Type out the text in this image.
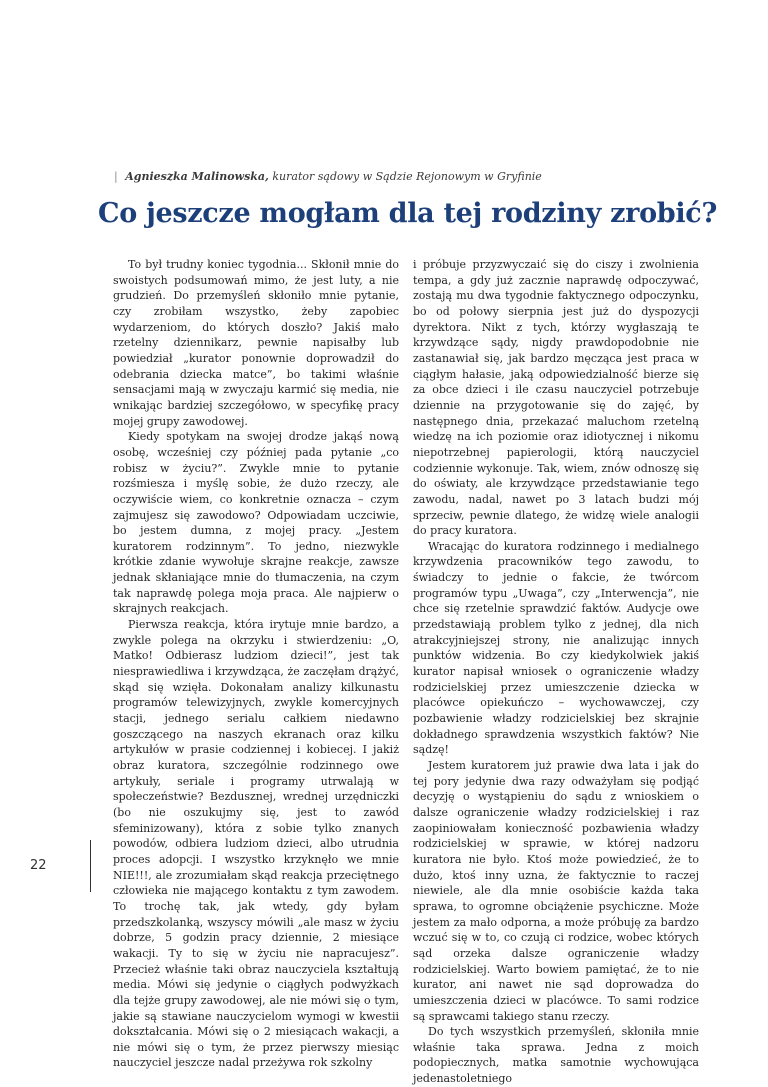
| Agnieszka Malinowska, kurator sądowy w Sądzie Rejonowym w Gryfinie
Co jeszcze mogłam dla tej rodziny zrobić?

To był trudny koniec tygodnia... Skłonił mnie do swoistych podsumowań mimo, że jest luty, a nie grudzień. Do przemyśleń skłoniło mnie pytanie, czy zrobiłam wszystko, żeby zapobiec wydarzeniom, do których doszło? Jakiś mało rzetelny dziennikarz, pewnie napisałby lub powiedział „kurator ponownie doprowadził do odebrania dziecka matce”, bo takimi właśnie sensacjami mają w zwyczaju karmić się media, nie wnikając bardziej szczegółowo, w specyfikę pracy mojej grupy zawodowej.

Kiedy spotykam na swojej drodze jakąś nową osobę, wcześniej czy później pada pytanie „co robisz w życiu?”. Zwykle mnie to pytanie rozśmiesza i myślę sobie, że dużo rzeczy, ale oczywiście wiem, co konkretnie oznacza – czym zajmujesz się zawodowo? Odpowiadam uczciwie, bo jestem dumna, z mojej pracy. „Jestem kuratorem rodzinnym”. To jedno, niezwykle krótkie zdanie wywołuje skrajne reakcje, zawsze jednak skłaniające mnie do tłumaczenia, na czym tak naprawdę polega moja praca. Ale najpierw o skrajnych reakcjach.

Pierwsza reakcja, która irytuje mnie bardzo, a zwykle polega na okrzyku i stwierdzeniu: „O, Matko! Odbierasz ludziom dzieci!”, jest tak niesprawiedliwa i krzywdząca, że zaczęłam drążyć, skąd się wzięła. Dokonałam analizy kilkunastu programów telewizyjnych, zwykle komercyjnych stacji, jednego serialu całkiem niedawno goszczącego na naszych ekranach oraz kilku artykułów w prasie codziennej i kobiecej. I jakiż obraz kuratora, szczególnie rodzinnego owe artykuły, seriale i programy utrwalają w społeczeństwie? Bezdusznej, wrednej urzędniczki (bo nie oszukujmy się, jest to zawód sfeminizowany), która z sobie tylko znanych powodów, odbiera ludziom dzieci, albo utrudnia proces adopcji. I wszystko krzyknęło we mnie NIE!!!, ale zrozumiałam skąd reakcja przeciętnego człowieka nie mającego kontaktu z tym zawodem. To trochę tak, jak wtedy, gdy byłam przedszkolanką, wszyscy mówili „ale masz w życiu dobrze, 5 godzin pracy dziennie, 2 miesiące wakacji. Ty to się w życiu nie napracujesz”. Przecież właśnie taki obraz nauczyciela kształtują media. Mówi się jedynie o ciągłych podwyżkach dla tejże grupy zawodowej, ale nie mówi się o tym, jakie są stawiane nauczycielom wymogi w kwestii dokształcania. Mówi się o 2 miesiącach wakacji, a nie mówi się o tym, że przez pierwszy miesiąc nauczyciel jeszcze nadal przeżywa rok szkolny

i próbuje przyzwyczaić się do ciszy i zwolnienia tempa, a gdy już zacznie naprawdę odpoczywać, zostają mu dwa tygodnie faktycznego odpoczynku, bo od połowy sierpnia jest już do dyspozycji dyrektora. Nikt z tych, którzy wygłaszają te krzywdzące sądy, nigdy prawdopodobnie nie zastanawiał się, jak bardzo męcząca jest praca w ciągłym hałasie, jaką odpowiedzialność bierze się za obce dzieci i ile czasu nauczyciel potrzebuje dziennie na przygotowanie się do zajęć, by następnego dnia, przekazać maluchom rzetelną wiedzę na ich poziomie oraz idiotycznej i nikomu niepotrzebnej papierologii, którą nauczyciel codziennie wykonuje. Tak, wiem, znów odnoszę się do oświaty, ale krzywdzące przedstawianie tego zawodu, nadal, nawet po 3 latach budzi mój sprzeciw, pewnie dlatego, że widzę wiele analogii do pracy kuratora.

Wracając do kuratora rodzinnego i medialnego krzywdzenia pracowników tego zawodu, to świadczy to jednie o fakcie, że twórcom programów typu „Uwaga”, czy „Interwencja”, nie chce się rzetelnie sprawdzić faktów. Audycje owe przedstawiają problem tylko z jednej, dla nich atrakcyjniejszej strony, nie analizując innych punktów widzenia. Bo czy kiedykolwiek jakiś kurator napisał wniosek o ograniczenie władzy rodzicielskiej przez umieszczenie dziecka w placówce opiekuńczo – wychowawczej, czy pozbawienie władzy rodzicielskiej bez skrajnie dokładnego sprawdzenia wszystkich faktów? Nie sądzę!

Jestem kuratorem już prawie dwa lata i jak do tej pory jedynie dwa razy odważyłam się podjąć decyzję o wystąpieniu do sądu z wnioskiem o dalsze ograniczenie władzy rodzicielskiej i raz zaopiniowałam konieczność pozbawienia władzy rodzicielskiej w sprawie, w której nadzoru kuratora nie było. Ktoś może powiedzieć, że to dużo, ktoś inny uzna, że faktycznie to raczej niewiele, ale dla mnie osobiście każda taka sprawa, to ogromne obciążenie psychiczne. Może jestem za mało odporna, a może próbuję za bardzo wczuć się w to, co czują ci rodzice, wobec których sąd orzeka dalsze ograniczenie władzy rodzicielskiej. Warto bowiem pamiętać, że to nie kurator, ani nawet nie sąd doprowadza do umieszczenia dzieci w placówce. To sami rodzice są sprawcami takiego stanu rzeczy.

Do tych wszystkich przemyśleń, skłoniła mnie właśnie taka sprawa. Jedna z moich podopiecznych, matka samotnie wychowująca jedenastoletniego

22
